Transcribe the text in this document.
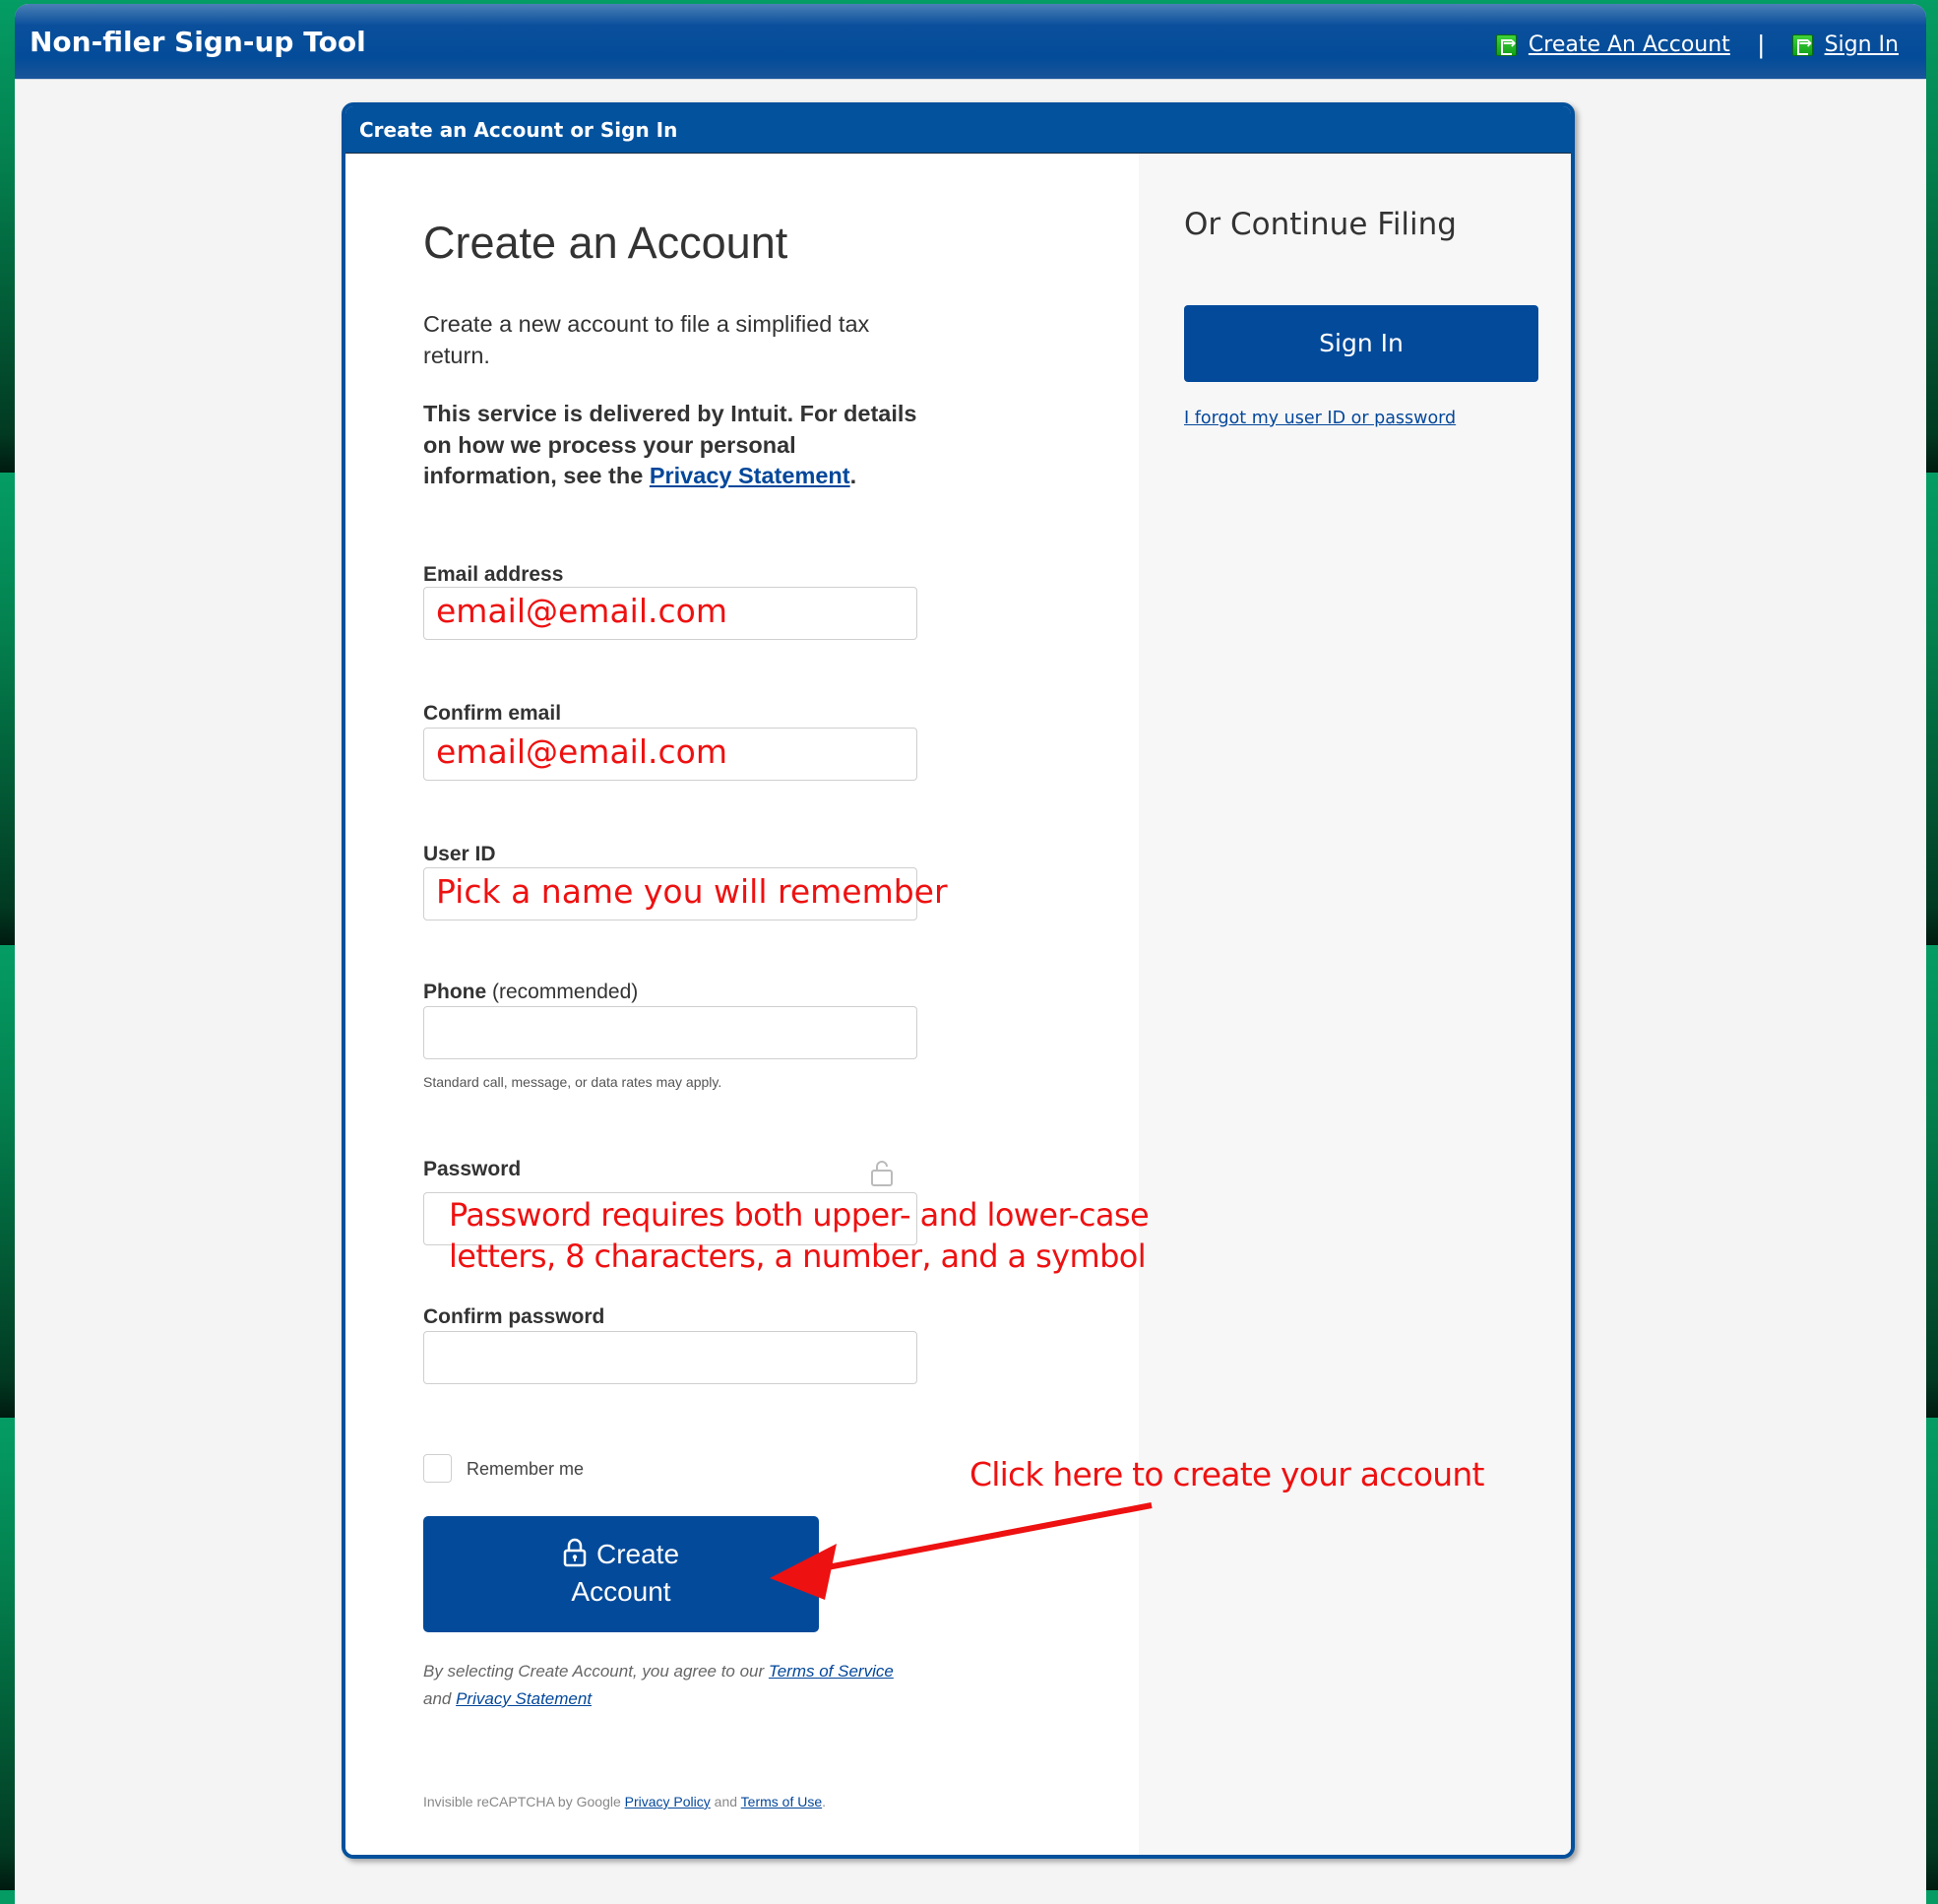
Non-filer Sign-up Tool →	Create An Account | →	Sign In
Create an Account or Sign In
Create an Account
Create a new account to file a simplified tax return.
This service is delivered by Intuit. For details on how we process your personal information, see the Privacy Statement.
Email address
email@email.com
Confirm email
email@email.com
User ID
Pick a name you will remember
Phone (recommended)
Standard call, message, or data rates may apply.
Password
Confirm password
Remember me
Create
Account
By selecting Create Account, you agree to our Terms of Service
and Privacy Statement
Invisible reCAPTCHA by Google Privacy Policy and Terms of Use.
Or Continue Filing
Sign In
I forgot my user ID or password
Password requires both upper- and lower-case
letters, 8 characters, a number, and a symbol
Click here to create your account
